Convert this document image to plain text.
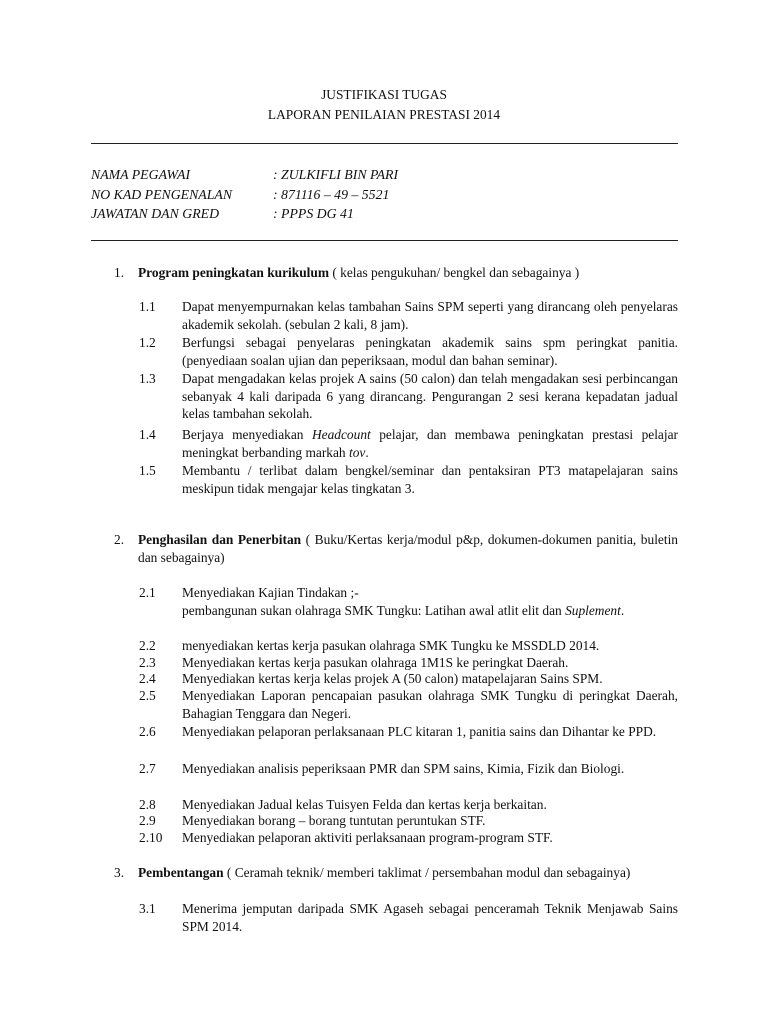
JUSTIFIKASI TUGAS
LAPORAN PENILAIAN PRESTASI 2014
NAMA PEGAWAI	: ZULKIFLI BIN PARI
NO KAD PENGENALAN	: 871116 – 49 – 5521
JAWATAN DAN GRED	: PPPS DG 41
1. Program peningkatan kurikulum ( kelas pengukuhan/ bengkel dan sebagainya )
1.1 Dapat menyempurnakan kelas tambahan Sains SPM seperti yang dirancang oleh penyelaras akademik sekolah. (sebulan 2 kali, 8 jam).
1.2 Berfungsi sebagai penyelaras peningkatan akademik sains spm peringkat panitia. (penyediaan soalan ujian dan peperiksaan, modul dan bahan seminar).
1.3 Dapat mengadakan kelas projek A sains (50 calon) dan telah mengadakan sesi perbincangan sebanyak 4 kali daripada 6 yang dirancang. Pengurangan 2 sesi kerana kepadatan jadual kelas tambahan sekolah.
1.4 Berjaya menyediakan Headcount pelajar, dan membawa peningkatan prestasi pelajar meningkat berbanding markah tov.
1.5 Membantu / terlibat dalam bengkel/seminar dan pentaksiran PT3 matapelajaran sains meskipun tidak mengajar kelas tingkatan 3.
2. Penghasilan dan Penerbitan ( Buku/Kertas kerja/modul p&p, dokumen-dokumen panitia, buletin dan sebagainya)
2.1 Menyediakan Kajian Tindakan ;-
pembangunan sukan olahraga SMK Tungku: Latihan awal atlit elit dan Suplement.
2.2 menyediakan kertas kerja pasukan olahraga SMK Tungku ke MSSDLD 2014.
2.3 Menyediakan kertas kerja pasukan olahraga 1M1S ke peringkat Daerah.
2.4 Menyediakan kertas kerja kelas projek A (50 calon) matapelajaran Sains SPM.
2.5 Menyediakan Laporan pencapaian pasukan olahraga SMK Tungku di peringkat Daerah, Bahagian Tenggara dan Negeri.
2.6 Menyediakan pelaporan perlaksanaan PLC kitaran 1, panitia sains dan Dihantar ke PPD.
2.7 Menyediakan analisis peperiksaan PMR dan SPM sains, Kimia, Fizik dan Biologi.
2.8 Menyediakan Jadual kelas Tuisyen Felda dan kertas kerja berkaitan.
2.9 Menyediakan borang – borang tuntutan peruntukan STF.
2.10 Menyediakan pelaporan aktiviti perlaksanaan program-program STF.
3. Pembentangan ( Ceramah teknik/ memberi taklimat / persembahan modul dan sebagainya)
3.1 Menerima jemputan daripada SMK Agaseh sebagai penceramah Teknik Menjawab Sains SPM 2014.
